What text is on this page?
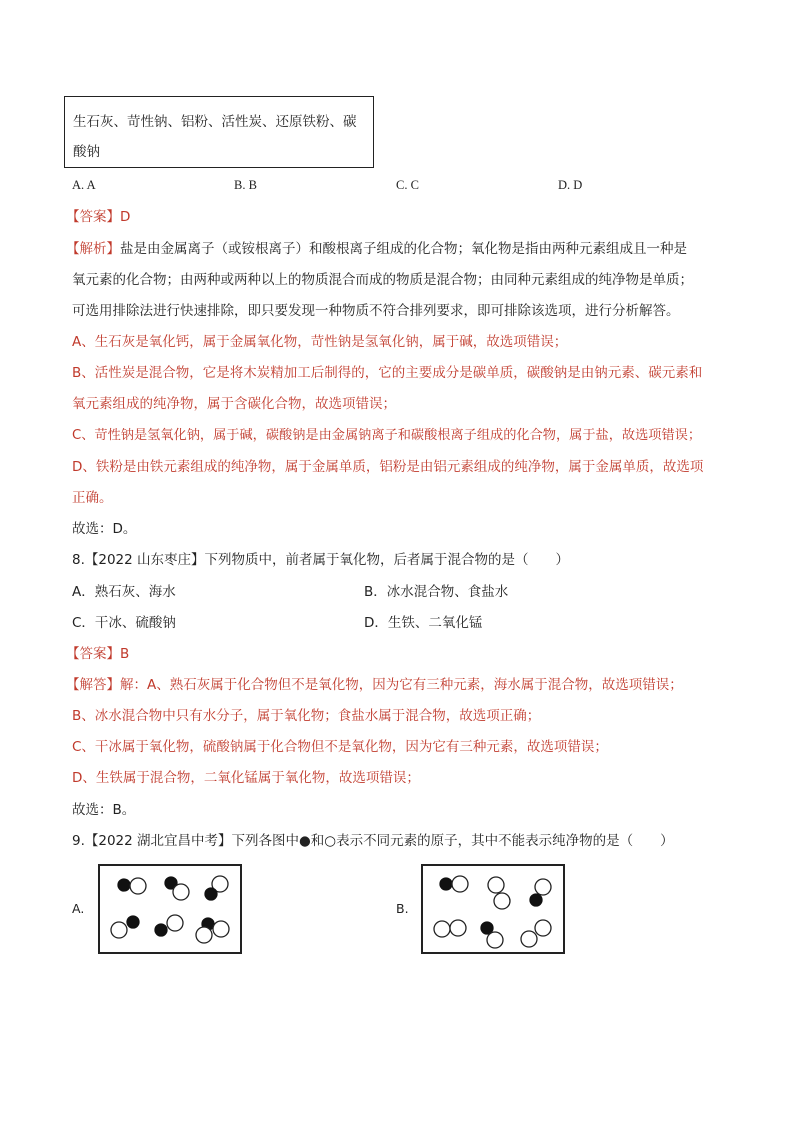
生石灰、苛性钠、铝粉、活性炭、还原铁粉、碳酸钠
A. A	B. B	C. C	D. D
【答案】D
【解析】盐是由金属离子（或铵根离子）和酸根离子组成的化合物；氧化物是指由两种元素组成且一种是
氧元素的化合物；由两种或两种以上的物质混合而成的物质是混合物；由同种元素组成的纯净物是单质；
可选用排除法进行快速排除，即只要发现一种物质不符合排列要求，即可排除该选项，进行分析解答。
A、生石灰是氧化钙，属于金属氧化物，苛性钠是氢氧化钠，属于碱，故选项错误；
B、活性炭是混合物，它是将木炭精加工后制得的，它的主要成分是碳单质，碳酸钠是由钠元素、碳元素和
氧元素组成的纯净物，属于含碳化合物，故选项错误；
C、苛性钠是氢氧化钠，属于碱，碳酸钠是由金属钠离子和碳酸根离子组成的化合物，属于盐，故选项错误；
D、铁粉是由铁元素组成的纯净物，属于金属单质，铝粉是由铝元素组成的纯净物，属于金属单质，故选项
正确。
故选：D。
8.【2022 山东枣庄】下列物质中，前者属于氧化物，后者属于混合物的是（　　）
A．熟石灰、海水	B．冰水混合物、食盐水
C．干冰、硫酸钠	D．生铁、二氧化锰
【答案】B
【解答】解：A、熟石灰属于化合物但不是氧化物，因为它有三种元素，海水属于混合物，故选项错误；
B、冰水混合物中只有水分子，属于氧化物；食盐水属于混合物，故选项正确；
C、干冰属于氧化物，硫酸钠属于化合物但不是氧化物，因为它有三种元素，故选项错误；
D、生铁属于混合物，二氧化锰属于氧化物，故选项错误；
故选：B。
9.【2022 湖北宜昌中考】下列各图中●和○表示不同元素的原子，其中不能表示纯净物的是（　　）
A.	B.
